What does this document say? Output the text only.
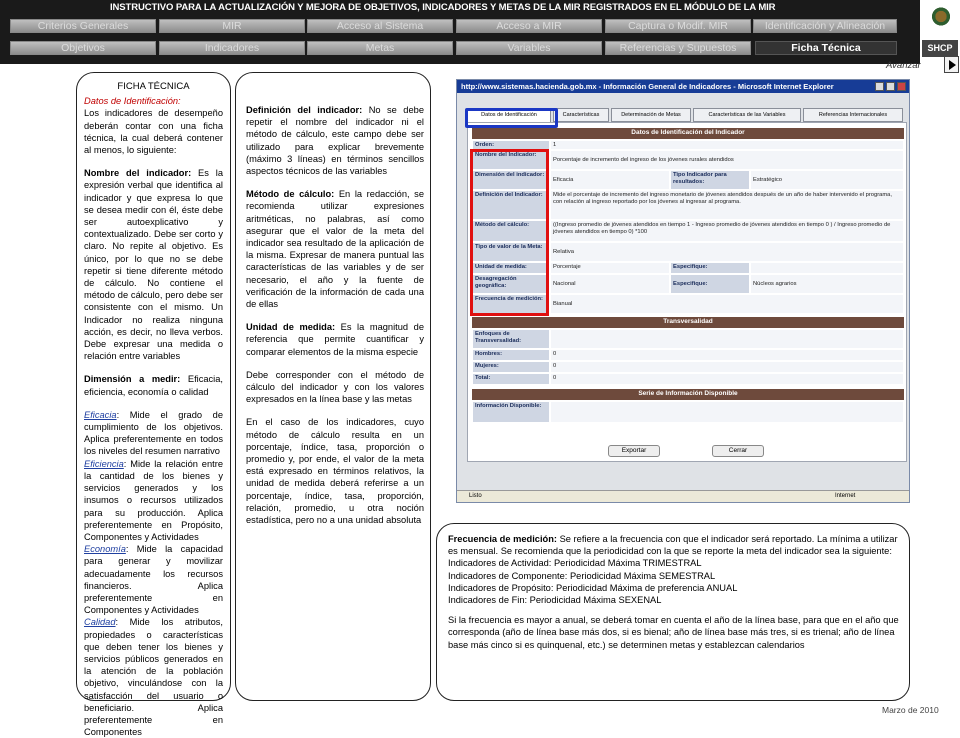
INSTRUCTIVO PARA LA ACTUALIZACIÓN Y MEJORA DE OBJETIVOS, INDICADORES Y METAS DE LA MIR REGISTRADOS EN EL MÓDULO DE LA MIR
Criterios Generales	MIR	Acceso al Sistema	Acceso a MIR	Captura o Modif. MIR	Identificación y Alineación
Objetivos	Indicadores	Metas	Variables	Referencias y Supuestos	Ficha Técnica	SHCP
Avanzar
FICHA TÉCNICA
Datos de Identificación:
Los indicadores de desempeño deberán contar con una ficha técnica, la cual deberá contener al menos, lo siguiente:
Nombre del indicador: Es la expresión verbal que identifica al indicador y que expresa lo que se desea medir con él, éste debe ser autoexplicativo y contextualizado. Debe ser corto y claro. No repite al objetivo. Es único, por lo que no se debe repetir si tiene diferente método de cálculo. No contiene el método de cálculo, pero debe ser consistente con el mismo. Un Indicador no realiza ninguna acción, es decir, no lleva verbos. Debe expresar una medida o relación entre variables
Dimensión a medir: Eficacia, eficiencia, economía o calidad
Eficacia: Mide el grado de cumplimiento de los objetivos. Aplica preferentemente en todos los niveles del resumen narrativo
Eficiencia: Mide la relación entre la cantidad de los bienes y servicios generados y los insumos o recursos utilizados para su producción. Aplica preferentemente en Propósito, Componentes y Actividades
Economía: Mide la capacidad para generar y movilizar adecuadamente los recursos financieros. Aplica preferentemente en Componentes y Actividades
Calidad: Mide los atributos, propiedades o características que deben tener los bienes y servicios públicos generados en la atención de la población objetivo, vinculándose con la satisfacción del usuario o beneficiario. Aplica preferentemente en Componentes
Definición del indicador: No se debe repetir el nombre del indicador ni el método de cálculo, este campo debe ser utilizado para explicar brevemente (máximo 3 líneas) en términos sencillos aspectos técnicos de las variables
Método de cálculo: En la redacción, se recomienda utilizar expresiones aritméticas, no palabras, así como asegurar que el valor de la meta del indicador sea resultado de la aplicación de la misma. Expresar de manera puntual las características de las variables y de ser necesario, el año y la fuente de verificación de la información de cada una de ellas
Unidad de medida: Es la magnitud de referencia que permite cuantificar y comparar elementos de la misma especie
Debe corresponder con el método de cálculo del indicador y con los valores expresados en la línea base y las metas
En el caso de los indicadores, cuyo método de cálculo resulta en un porcentaje, índice, tasa, proporción o promedio y, por ende, el valor de la meta está expresado en términos relativos, la unidad de medida deberá referirse a un porcentaje, índice, tasa, proporción, relación, promedio, u otra noción estadística, pero no a una unidad absoluta
http://www.sistemas.hacienda.gob.mx - Información General de Indicadores - Microsoft Internet Explorer
Datos de Identificación	Características	Determinación de Metas	Características de las Variables	Referencias Internacionales
Datos de Identificación del Indicador
Orden:	1
Nombre del Indicador:
Porcentaje de incremento del ingreso de los jóvenes rurales atendidos
Dimensión del indicador:
Eficacia
Tipo Indicador para resultados:	Estratégico
Definición del Indicador:	Mide el porcentaje de incremento del ingreso monetario de jóvenes atendidos después de un año de haber intervenido el programa, con relación al ingreso reportado por los jóvenes al ingresar al programa.
Método del cálculo:	((Ingreso promedio de jóvenes atendidos en tiempo 1 - Ingreso promedio de jóvenes atendidos en tiempo 0 ) / Ingreso promedio de jóvenes atendidos en tiempo 0) *100
Tipo de valor de la Meta:
Relativa
Unidad de medida:	Porcentaje	Especifique:
Desagregación geográfica:	Nacional	Especifique:	Núcleos agrarios
Frecuencia de medición:
Bianual
Transversalidad
Enfoques de Transversalidad:
Hombres:	0
Mujeres:	0
Total:	0
Serie de Información Disponible
Información Disponible:
Exportar	Cerrar
Listo	Internet
Frecuencia de medición: Se refiere a la frecuencia con que el indicador será reportado. La mínima a utilizar es mensual. Se recomienda que la periodicidad con la que se reporte la meta del indicador sea la siguiente:
Indicadores de Actividad: Periodicidad Máxima TRIMESTRAL
Indicadores de Componente: Periodicidad Máxima SEMESTRAL
Indicadores de Propósito: Periodicidad Máxima de preferencia ANUAL
Indicadores de Fin: Periodicidad Máxima SEXENAL
Si la frecuencia es mayor a anual, se deberá tomar en cuenta el año de la línea base, para que en el año que corresponda (año de línea base más dos, si es bienal; año de línea base más tres, si es trienal; año de línea base más cinco si es quinquenal, etc.) se determinen metas y establezcan calendarios
Marzo de 2010
